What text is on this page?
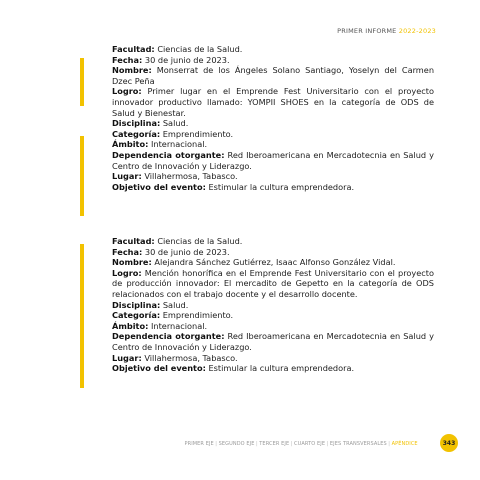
PRIMER INFORME 2022-2023

Facultad: Ciencias de la Salud.

Fecha: 30 de junio de 2023.

Nombre: Monserrat de los Ángeles Solano Santiago, Yoselyn del Carmen Dzec Peña

Logro: Primer lugar en el Emprende Fest Universitario con el proyecto innovador productivo llamado: YOMPII SHOES en la categoría de ODS de Salud y Bienestar.

Disciplina: Salud.

Categoría: Emprendimiento.

Ámbito: Internacional.

Dependencia otorgante: Red Iberoamericana en Mercadotecnia en Salud y Centro de Innovación y Liderazgo.

Lugar: Villahermosa, Tabasco.

Objetivo del evento: Estimular la cultura emprendedora.

Facultad: Ciencias de la Salud.

Fecha: 30 de junio de 2023.

Nombre: Alejandra Sánchez Gutiérrez, Isaac Alfonso González Vidal.

Logro: Mención honorífica en el Emprende Fest Universitario con el proyecto de producción innovador: El mercadito de Gepetto en la categoría de ODS relacionados con el trabajo docente y el desarrollo docente.

Disciplina: Salud.

Categoría: Emprendimiento.

Ámbito: Internacional.

Dependencia otorgante: Red Iberoamericana en Mercadotecnia en Salud y Centro de Innovación y Liderazgo.

Lugar: Villahermosa, Tabasco.

Objetivo del evento: Estimular la cultura emprendedora.

PRIMER EJE | SEGUNDO EJE | TERCER EJE | CUARTO EJE | EJES TRANSVERSALES | APÉNDICE	343
